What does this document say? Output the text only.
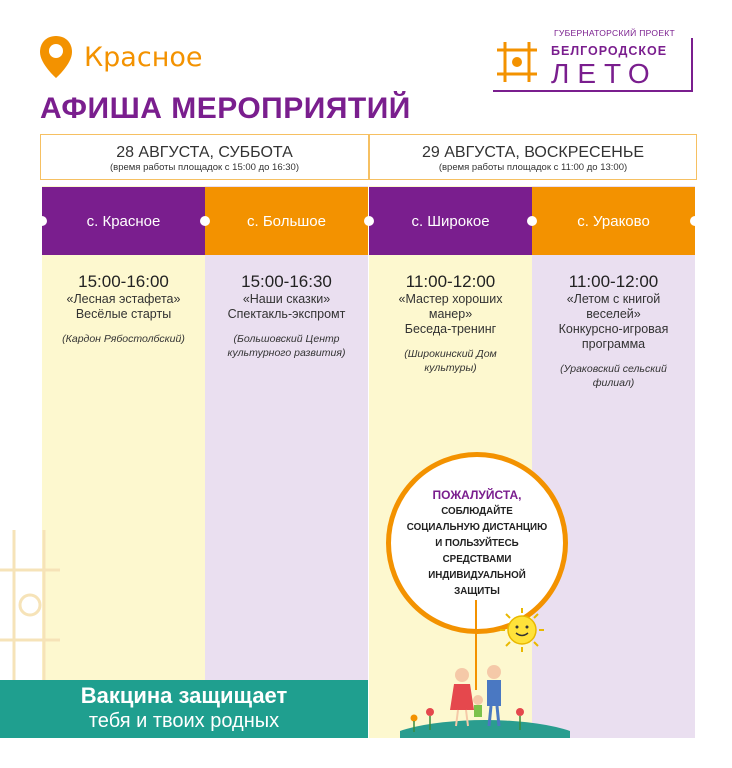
Красное
ГУБЕРНАТОРСКИЙ ПРОЕКТ
БЕЛГОРОДСКОЕ
ЛЕТО
АФИША МЕРОПРИЯТИЙ
28 АВГУСТА, СУББОТА
(время работы площадок с 15:00 до 16:30)
29 АВГУСТА, ВОСКРЕСЕНЬЕ
(время работы площадок с 11:00 до 13:00)
с. Красное	с. Большое	с. Широкое	с. Ураково
15:00-16:00
«Лесная эстафета»
Весёлые старты
(Кардон Рябостолбский)
15:00-16:30
«Наши сказки»
Спектакль-экспромт
(Большовский Центр культурного развития)
11:00-12:00
«Мастер хороших
манер»
Беседа-тренинг
(Широкинский Дом культуры)
11:00-12:00
«Летом с книгой
веселей»
Конкурсно-игровая
программа
(Ураковский сельский филиал)
ПОЖАЛУЙСТА,
СОБЛЮДАЙТЕ
СОЦИАЛЬНУЮ ДИСТАНЦИЮ
И ПОЛЬЗУЙТЕСЬ
СРЕДСТВАМИ
ИНДИВИДУАЛЬНОЙ
ЗАЩИТЫ
Вакцина защищает
тебя и твоих родных
